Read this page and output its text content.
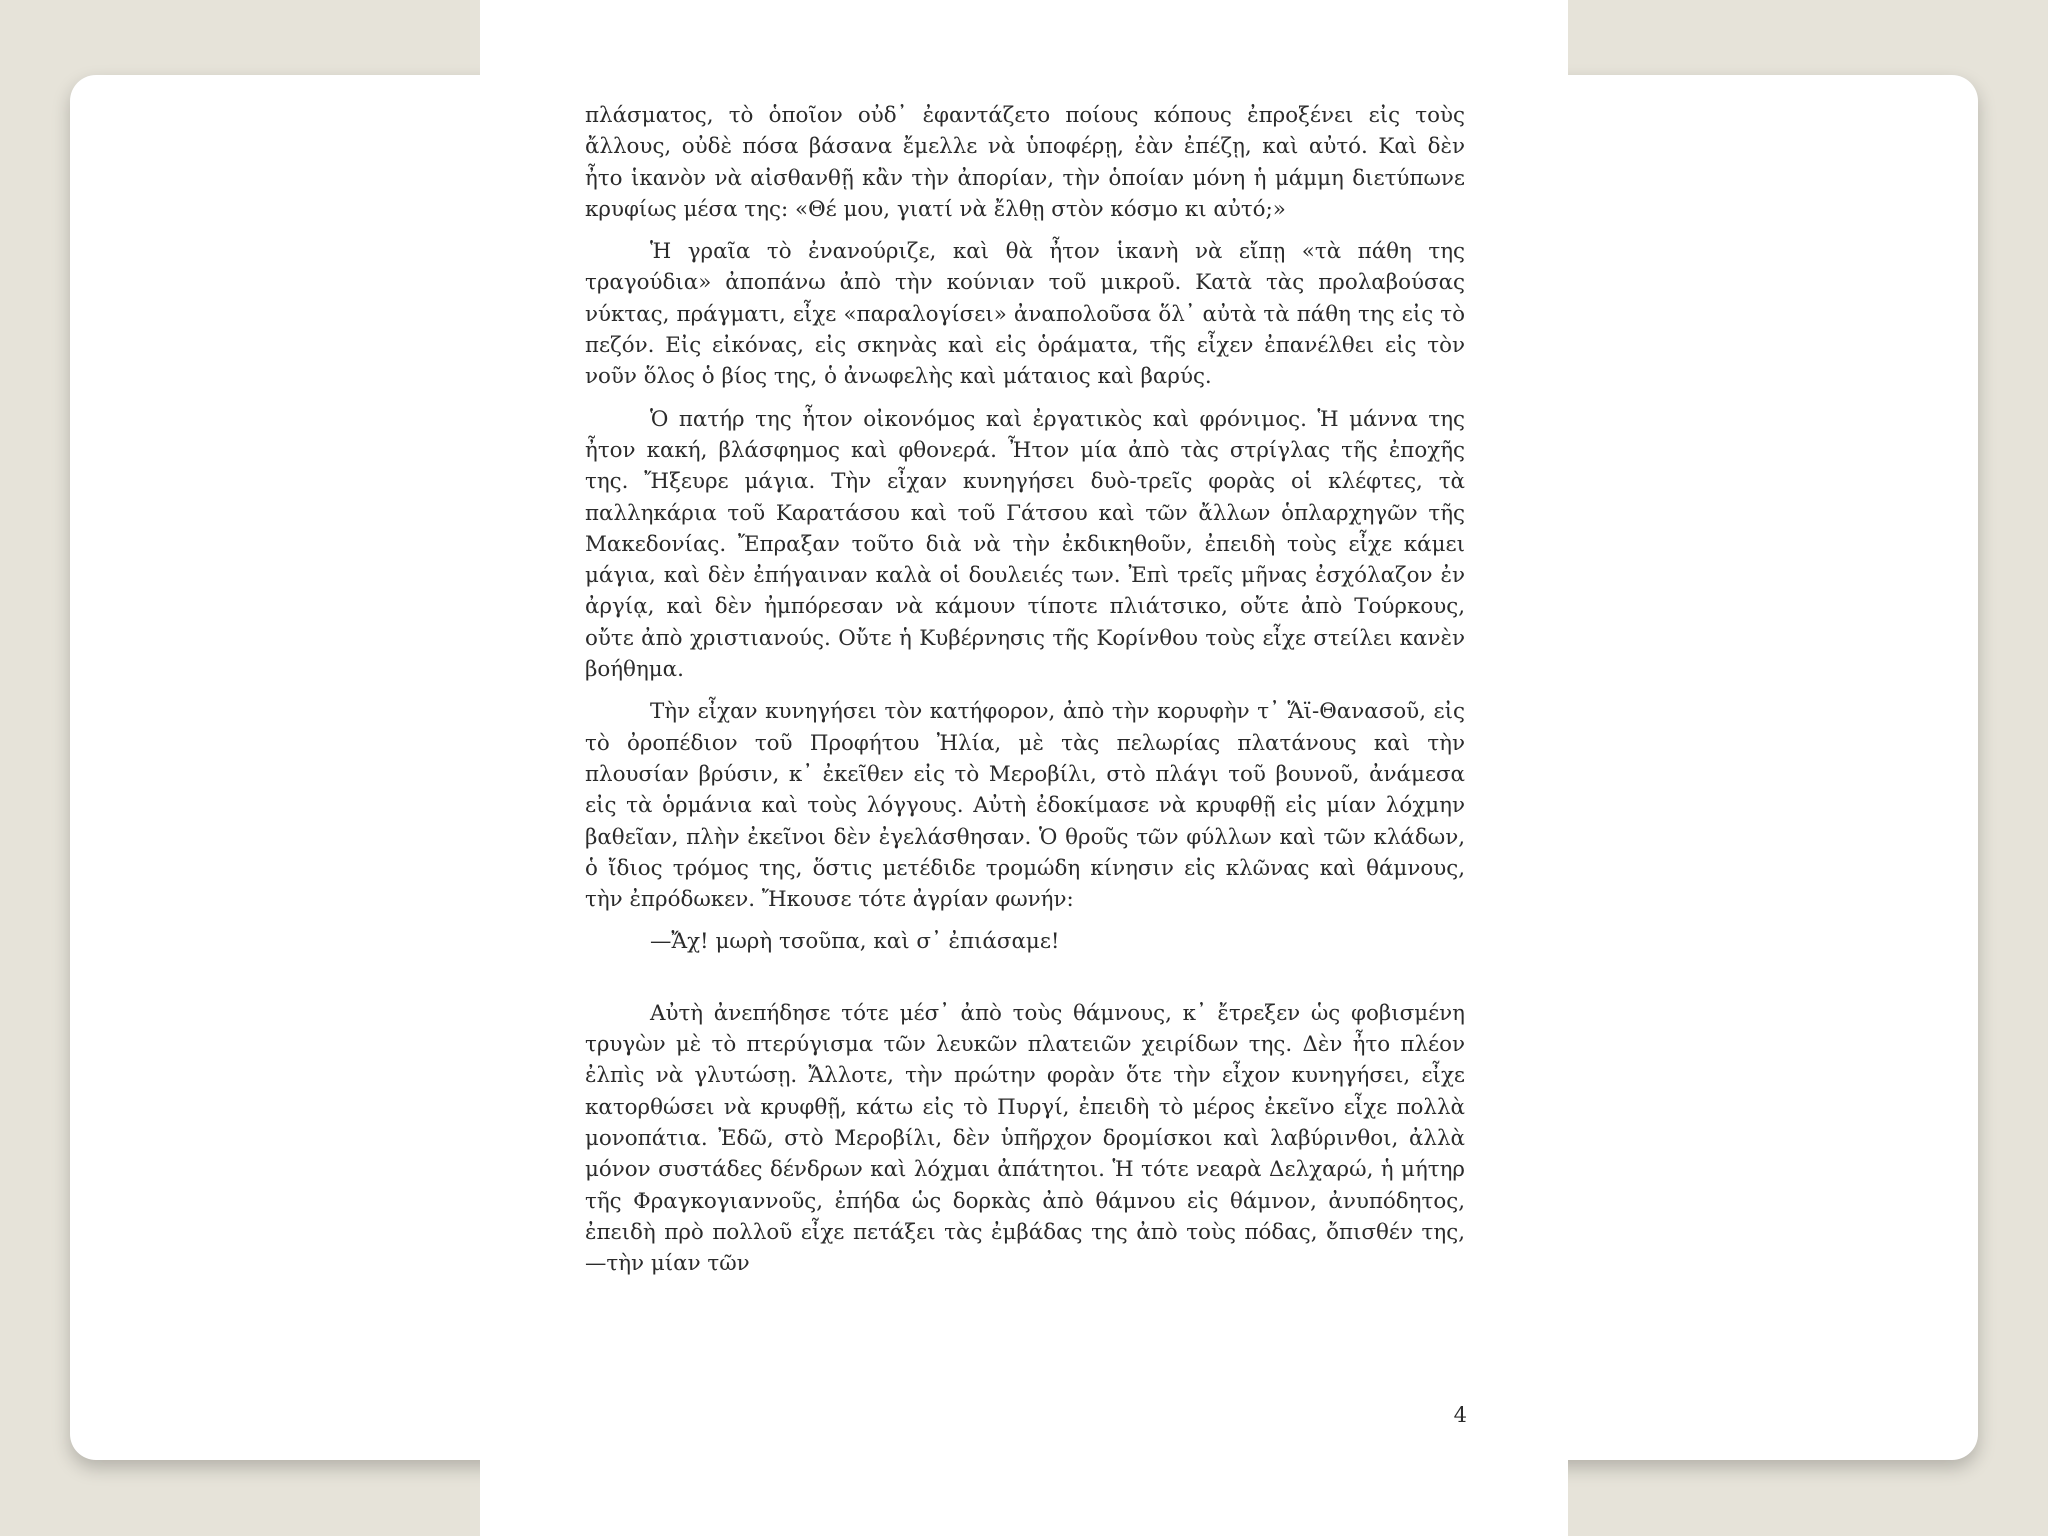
πλάσματος, τὸ ὁποῖον οὐδ᾽ ἐφαντάζετο ποίους κόπους ἐπροξένει εἰς τοὺς ἄλλους, οὐδὲ πόσα βάσανα ἔμελλε νὰ ὑποφέρῃ, ἐὰν ἐπέζῃ, καὶ αὐτό. Καὶ δὲν ἦτο ἱκανὸν νὰ αἰσθανθῇ κἂν τὴν ἀπορίαν, τὴν ὁποίαν μόνη ἡ μάμμη διετύπωνε κρυφίως μέσα της: «Θέ μου, γιατί νὰ ἔλθῃ στὸν κόσμο κι αὐτό;»

Ἡ γραῖα τὸ ἐνανούριζε, καὶ θὰ ἦτον ἱκανὴ νὰ εἴπῃ «τὰ πάθη της τραγούδια» ἀποπάνω ἀπὸ τὴν κούνιαν τοῦ μικροῦ. Κατὰ τὰς προλαβούσας νύκτας, πράγματι, εἶχε «παραλογίσει» ἀναπολοῦσα ὅλ᾽ αὐτὰ τὰ πάθη της εἰς τὸ πεζόν. Εἰς εἰκόνας, εἰς σκηνὰς καὶ εἰς ὁράματα, τῆς εἶχεν ἐπανέλθει εἰς τὸν νοῦν ὅλος ὁ βίος της, ὁ ἀνωφελὴς καὶ μάταιος καὶ βαρύς.

Ὁ πατήρ της ἦτον οἰκονόμος καὶ ἐργατικὸς καὶ φρόνιμος. Ἡ μάννα της ἦτον κακή, βλάσφημος καὶ φθονερά. Ἦτον μία ἀπὸ τὰς στρίγλας τῆς ἐποχῆς της. Ἤξευρε μάγια. Τὴν εἶχαν κυνηγήσει δυὸ-τρεῖς φορὰς οἱ κλέφτες, τὰ παλληκάρια τοῦ Καρατάσου καὶ τοῦ Γάτσου καὶ τῶν ἄλλων ὁπλαρχηγῶν τῆς Μακεδονίας. Ἔπραξαν τοῦτο διὰ νὰ τὴν ἐκδικηθοῦν, ἐπειδὴ τοὺς εἶχε κάμει μάγια, καὶ δὲν ἐπήγαιναν καλὰ οἱ δουλειές των. Ἐπὶ τρεῖς μῆνας ἐσχόλαζον ἐν ἀργίᾳ, καὶ δὲν ἠμπόρεσαν νὰ κάμουν τίποτε πλιάτσικο, οὔτε ἀπὸ Τούρκους, οὔτε ἀπὸ χριστιανούς. Οὔτε ἡ Κυβέρνησις τῆς Κορίνθου τοὺς εἶχε στείλει κανὲν βοήθημα.

Τὴν εἶχαν κυνηγήσει τὸν κατήφορον, ἀπὸ τὴν κορυφὴν τ᾽ Ἅϊ-Θανασοῦ, εἰς τὸ ὀροπέδιον τοῦ Προφήτου Ἠλία, μὲ τὰς πελωρίας πλατάνους καὶ τὴν πλουσίαν βρύσιν, κ᾽ ἐκεῖθεν εἰς τὸ Μεροβίλι, στὸ πλάγι τοῦ βουνοῦ, ἀνάμεσα εἰς τὰ ὁρμάνια καὶ τοὺς λόγγους. Αὐτὴ ἐδοκίμασε νὰ κρυφθῇ εἰς μίαν λόχμην βαθεῖαν, πλὴν ἐκεῖνοι δὲν ἐγελάσθησαν. Ὁ θροῦς τῶν φύλλων καὶ τῶν κλάδων, ὁ ἴδιος τρόμος της, ὅστις μετέδιδε τρομώδη κίνησιν εἰς κλῶνας καὶ θάμνους, τὴν ἐπρόδωκεν. Ἤκουσε τότε ἀγρίαν φωνήν:

—Ἄχ! μωρὴ τσοῦπα, καὶ σ᾽ ἐπιάσαμε!

Αὐτὴ ἀνεπήδησε τότε μέσ᾽ ἀπὸ τοὺς θάμνους, κ᾽ ἔτρεξεν ὡς φοβισμένη τρυγὼν μὲ τὸ πτερύγισμα τῶν λευκῶν πλατειῶν χειρίδων της. Δὲν ἦτο πλέον ἐλπὶς νὰ γλυτώσῃ. Ἄλλοτε, τὴν πρώτην φορὰν ὅτε τὴν εἶχον κυνηγήσει, εἶχε κατορθώσει νὰ κρυφθῇ, κάτω εἰς τὸ Πυργί, ἐπειδὴ τὸ μέρος ἐκεῖνο εἶχε πολλὰ μονοπάτια. Ἐδῶ, στὸ Μεροβίλι, δὲν ὑπῆρχον δρομίσκοι καὶ λαβύρινθοι, ἀλλὰ μόνον συστάδες δένδρων καὶ λόχμαι ἀπάτητοι. Ἡ τότε νεαρὰ Δελχαρώ, ἡ μήτηρ τῆς Φραγκογιαννοῦς, ἐπήδα ὡς δορκὰς ἀπὸ θάμνου εἰς θάμνον, ἀνυπόδητος, ἐπειδὴ πρὸ πολλοῦ εἶχε πετάξει τὰς ἐμβάδας της ἀπὸ τοὺς πόδας, ὄπισθέν της,—τὴν μίαν τῶν

4
